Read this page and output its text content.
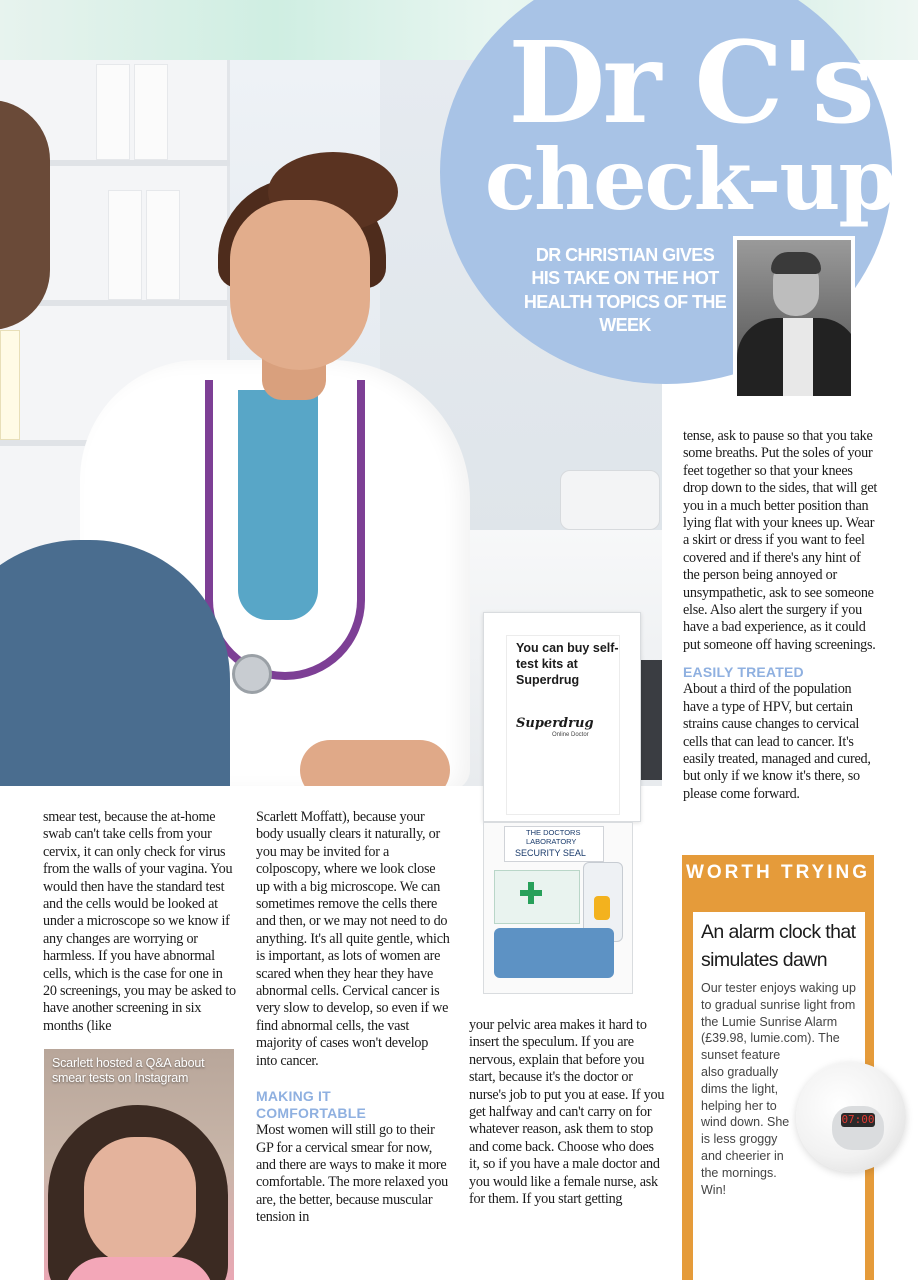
Dr C's
check-up
DR CHRISTIAN GIVES HIS TAKE ON THE HOT HEALTH TOPICS OF THE WEEK

tense, ask to pause so that you take some breaths. Put the soles of your feet together so that your knees drop down to the sides, that will get you in a much better position than lying flat with your knees up. Wear a skirt or dress if you want to feel covered and if there's any hint of the person being annoyed or unsympathetic, ask to see someone else. Also alert the surgery if you have a bad experience, as it could put someone off having screenings.

EASILY TREATED

About a third of the population have a type of HPV, but certain strains cause changes to cervical cells that can lead to cancer. It's easily treated, managed and cured, but only if we know it's there, so please come forward.

smear test, because the at-home swab can't take cells from your cervix, it can only check for virus from the walls of your vagina. You would then have the standard test and the cells would be looked at under a microscope so we know if any changes are worrying or harmless. If you have abnormal cells, which is the case for one in 20 screenings, you may be asked to have another screening in six months (like

Scarlett Moffatt), because your body usually clears it naturally, or you may be invited for a colposcopy, where we look close up with a big microscope. We can sometimes remove the cells there and then, or we may not need to do anything. It's all quite gentle, which is important, as lots of women are scared when they hear they have abnormal cells. Cervical cancer is very slow to develop, so even if we find abnormal cells, the vast majority of cases won't develop into cancer.

MAKING IT COMFORTABLE

Most women will still go to their GP for a cervical smear for now, and there are ways to make it more comfortable. The more relaxed you are, the better, because muscular tension in

your pelvic area makes it hard to insert the speculum. If you are nervous, explain that before you start, because it's the doctor or nurse's job to put you at ease. If you get halfway and can't carry on for whatever reason, ask them to stop and come back. Choose who does it, so if you have a male doctor and you would like a female nurse, ask for them. If you start getting

You can buy self-test kits at Superdrug
Superdrug
Online Doctor
THE DOCTORS LABORATORY
SECURITY SEAL
Scarlett hosted a Q&A about smear tests on Instagram
WORTH TRYING
An alarm clock that simulates dawn
Our tester enjoys waking up to gradual sunrise light from the Lumie Sunrise Alarm (£39.98, lumie.com). The
sunset feature also gradually dims the light, helping her to wind down. She is less groggy and cheerier in the mornings. Win!
07:00
